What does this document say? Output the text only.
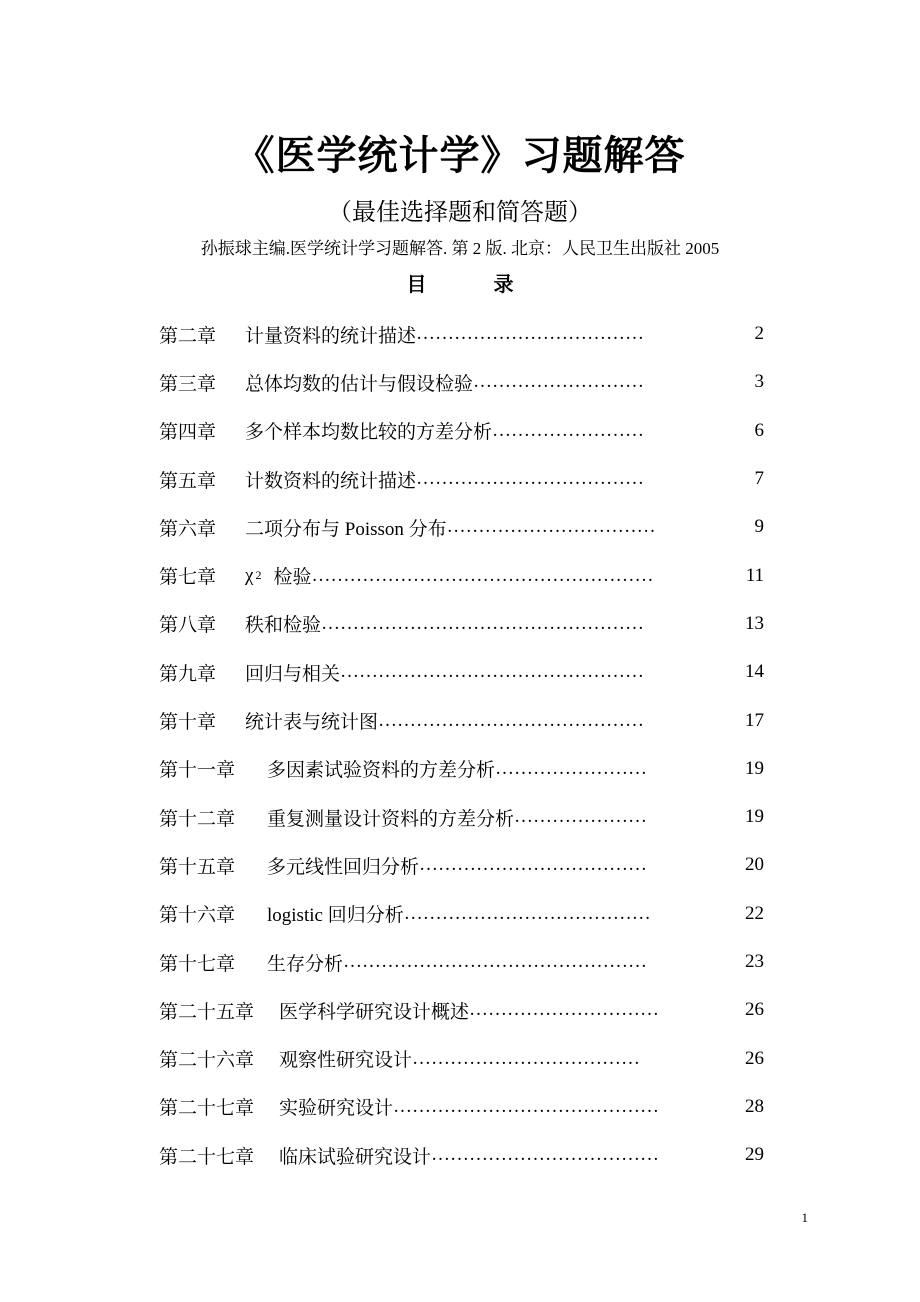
《医学统计学》习题解答
（最佳选择题和简答题）
孙振球主编.医学统计学习题解答. 第 2 版. 北京：人民卫生出版社 2005
目 录
第二章	计量资料的统计描述 ………………………………	2
第三章	总体均数的估计与假设检验 ………………………	3
第四章	多个样本均数比较的方差分析 ……………………	6
第五章	计数资料的统计描述 ………………………………	7
第六章	二项分布与 Poisson 分布 ……………………………	9
第七章	χ 2 检验 ………………………………………………	11
第八章	秩和检验 ……………………………………………	13
第九章	回归与相关 …………………………………………	14
第十章	统计表与统计图 ……………………………………	17
第十一章	多因素试验资料的方差分析 ……………………	19
第十二章	重复测量设计资料的方差分析 …………………	19
第十五章	多元线性回归分析 ………………………………	20
第十六章	logistic 回归分析 …………………………………	22
第十七章	生存分析 …………………………………………	23
第二十五章	医学科学研究设计概述 …………………………	26
第二十六章	观察性研究设计 ………………………………	26
第二十七章	实验研究设计 ……………………………………	28
第二十七章	临床试验研究设计 ………………………………	29
1
